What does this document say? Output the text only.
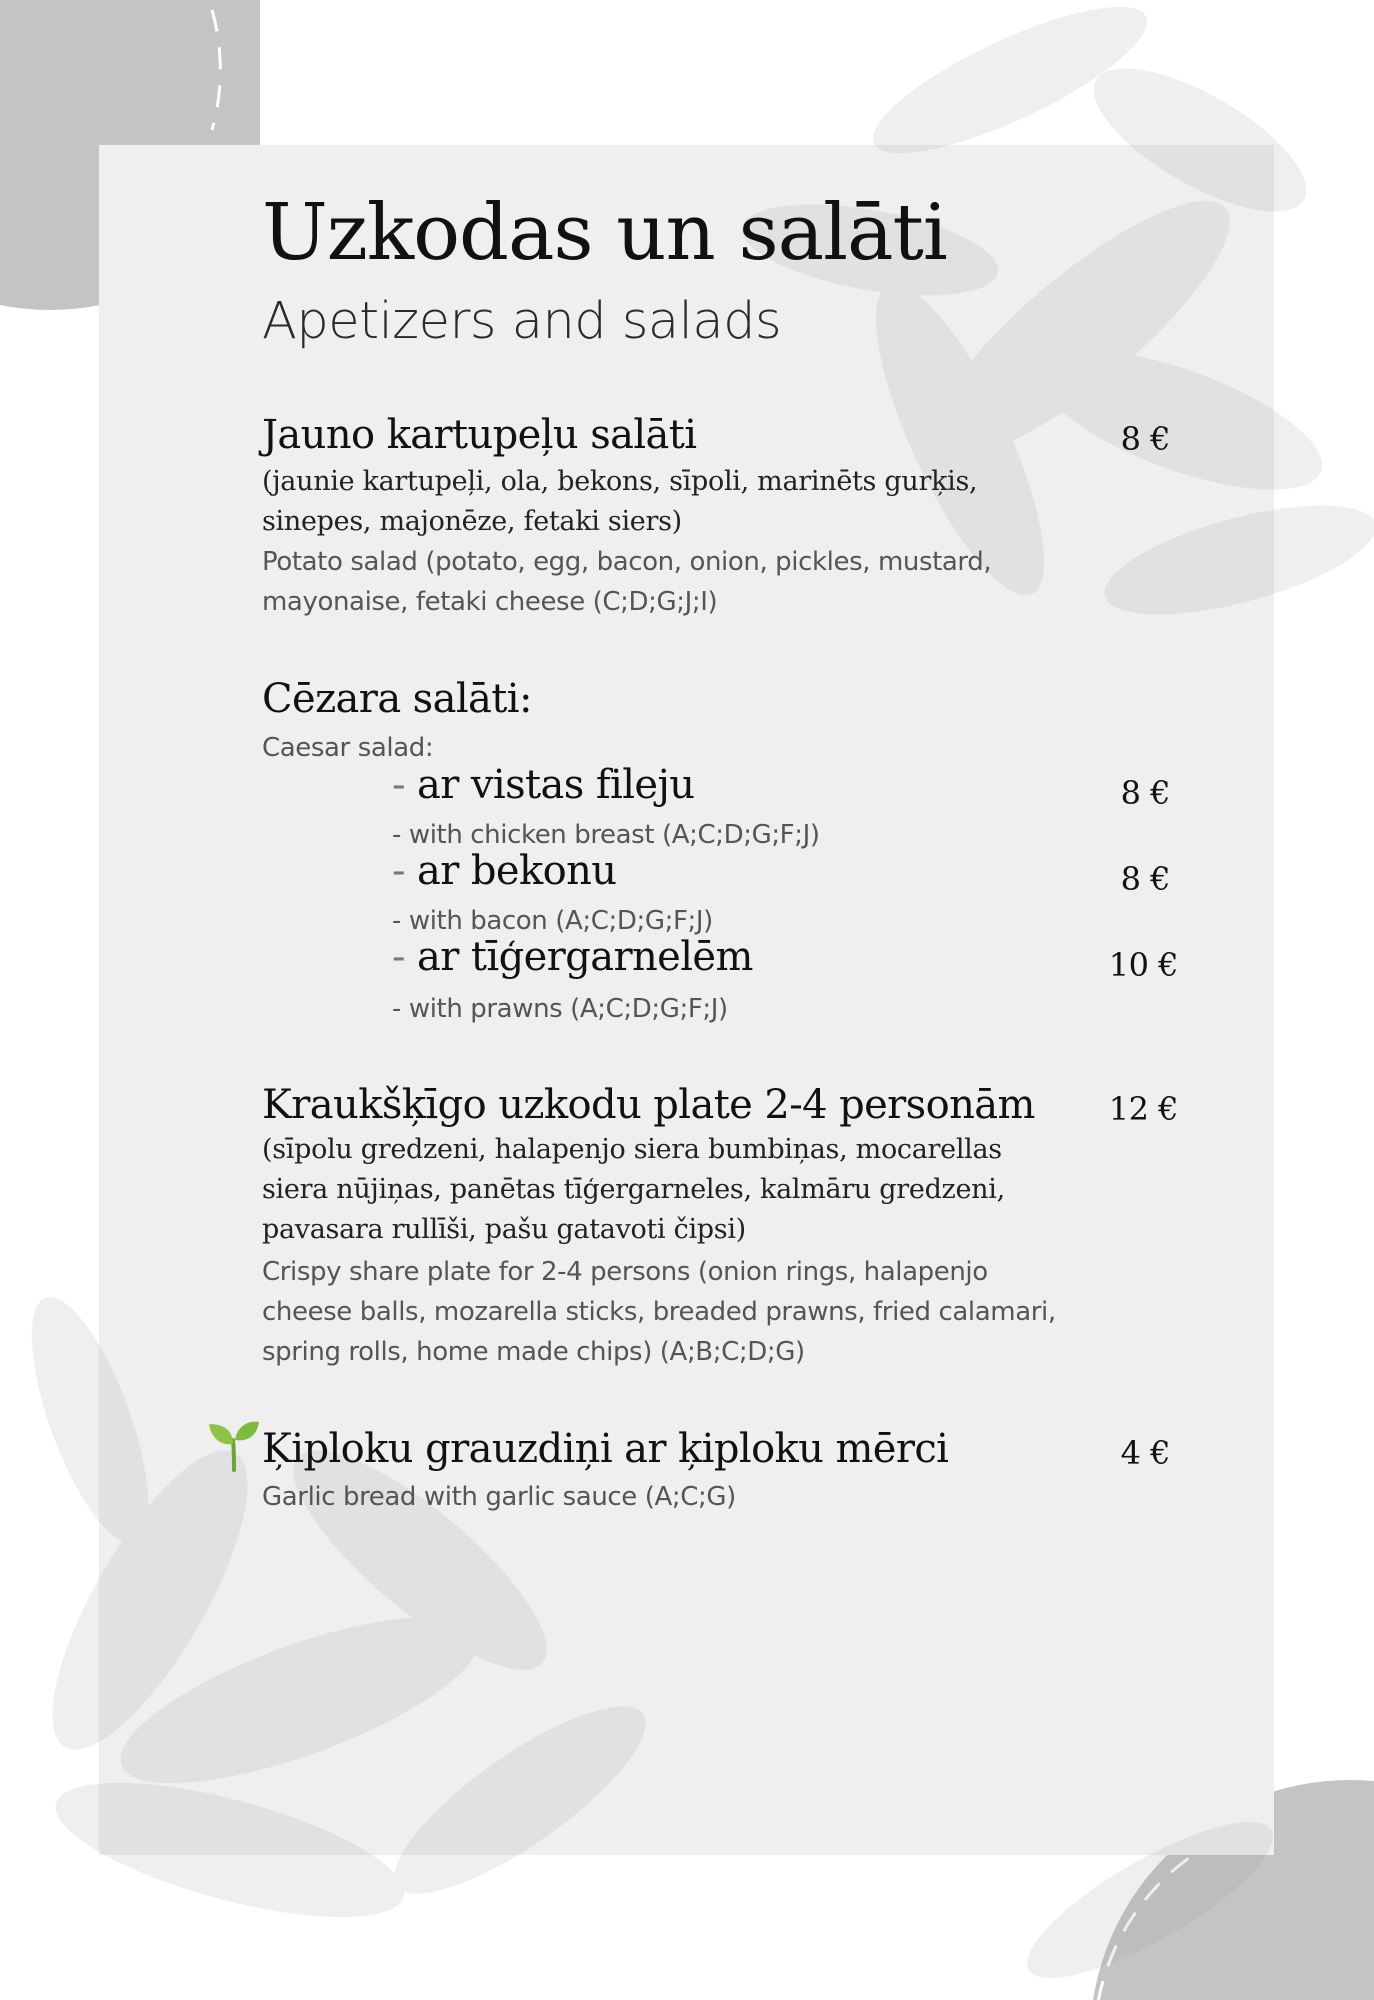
Uzkodas un salāti
Apetizers and salads
Jauno kartupeļu salāti	8 €
(jaunie kartupeļi, ola, bekons, sīpoli, marinēts gurķis, sinepes, majonēze, fetaki siers)
Potato salad (potato, egg, bacon, onion, pickles, mustard, mayonaise, fetaki cheese (C;D;G;J;I)
Cēzara salāti:
Caesar salad:
- ar vistas fileju	8 €
- with chicken breast (A;C;D;G;F;J)
- ar bekonu	8 €
- with bacon (A;C;D;G;F;J)
- ar tīģergarnelēm	10 €
- with prawns (A;C;D;G;F;J)
Kraukšķīgo uzkodu plate 2-4 personām	12 €
(sīpolu gredzeni, halapenjo siera bumbiņas, mocarellas siera nūjiņas, panētas tīģergarneles, kalmāru gredzeni, pavasara rullīši, pašu gatavoti čipsi)
Crispy share plate for 2-4 persons (onion rings, halapenjo cheese balls, mozarella sticks, breaded prawns, fried calamari, spring rolls, home made chips) (A;B;C;D;G)
Ķiploku grauzdiņi ar ķiploku mērci	4 €
Garlic bread with garlic sauce (A;C;G)
